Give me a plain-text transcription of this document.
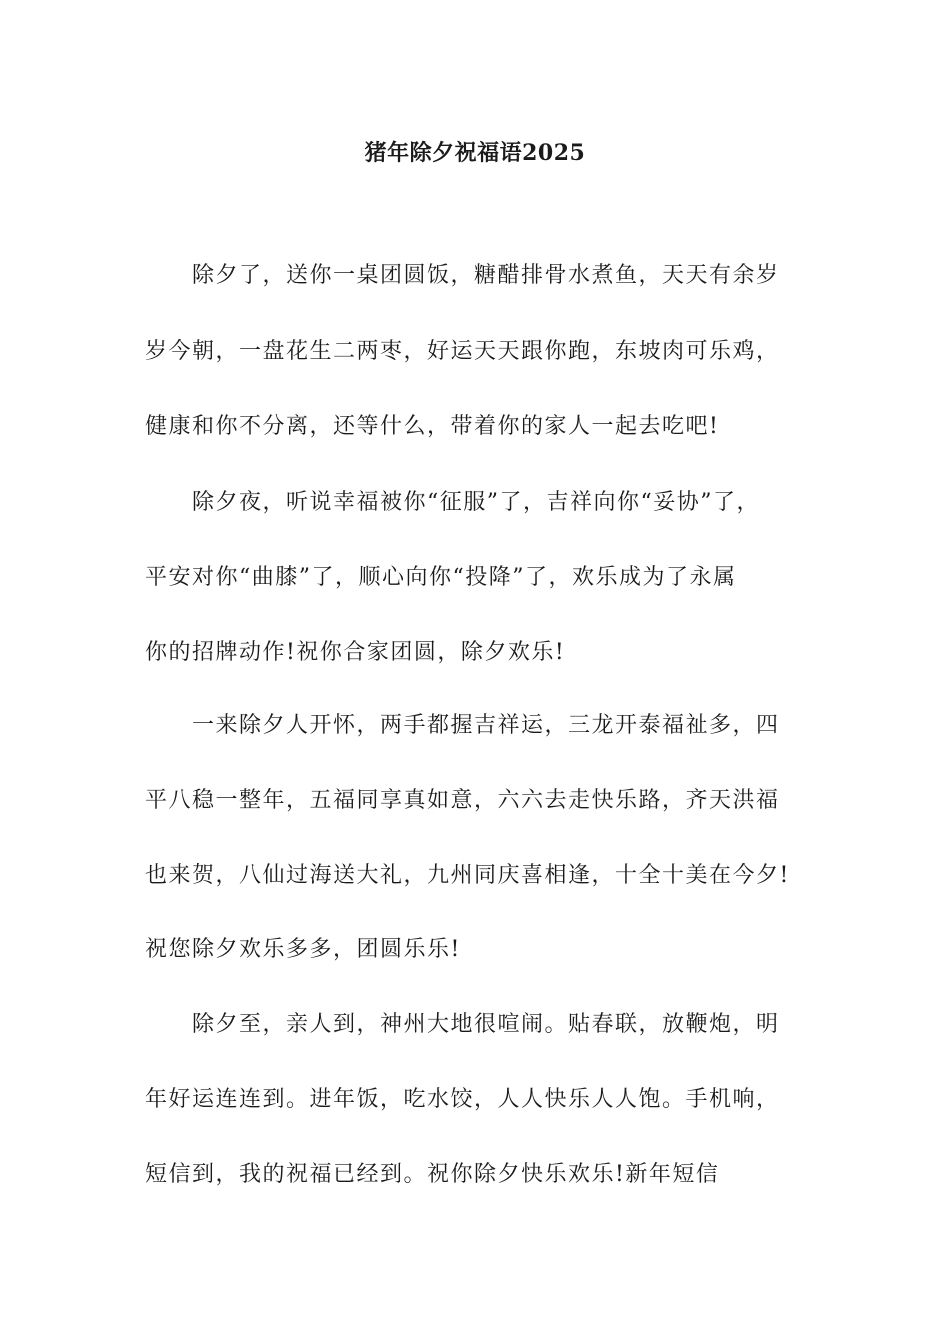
猪年除夕祝福语2025
除夕了，送你一桌团圆饭，糖醋排骨水煮鱼，天天有余岁
岁今朝，一盘花生二两枣，好运天天跟你跑，东坡肉可乐鸡，
健康和你不分离，还等什么，带着你的家人一起去吃吧!
除夕夜，听说幸福被你“征服”了，吉祥向你“妥协”了，
平安对你“曲膝”了，顺心向你“投降”了，欢乐成为了永属
你的招牌动作!祝你合家团圆，除夕欢乐!
一来除夕人开怀，两手都握吉祥运，三龙开泰福祉多，四
平八稳一整年，五福同享真如意，六六去走快乐路，齐天洪福
也来贺，八仙过海送大礼，九州同庆喜相逢，十全十美在今夕!
祝您除夕欢乐多多，团圆乐乐!
除夕至，亲人到，神州大地很喧闹。贴春联，放鞭炮，明
年好运连连到。进年饭，吃水饺，人人快乐人人饱。手机响，
短信到，我的祝福已经到。祝你除夕快乐欢乐!新年短信
